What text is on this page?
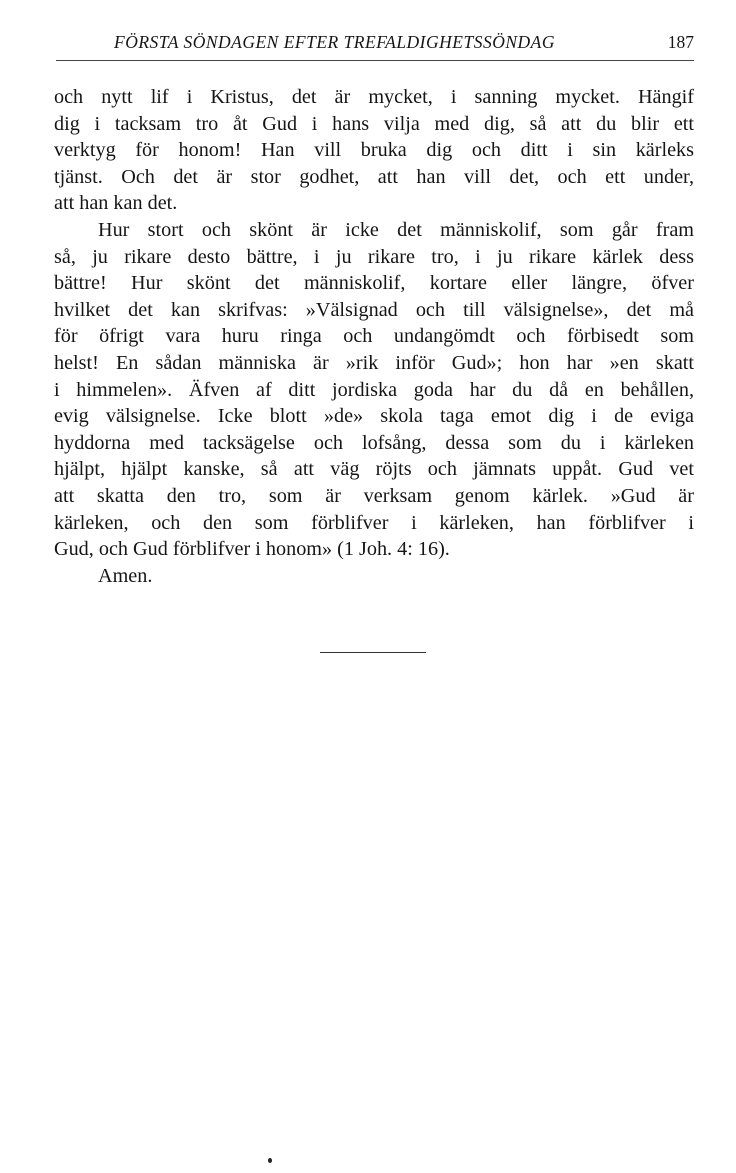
FÖRSTA SÖNDAGEN EFTER TREFALDIGHETSSÖNDAG	187
och nytt lif i Kristus, det är mycket, i sanning mycket. Hängif
dig i tacksam tro åt Gud i hans vilja med dig, så att du blir ett
verktyg för honom! Han vill bruka dig och ditt i sin kärleks
tjänst. Och det är stor godhet, att han vill det, och ett under,
att han kan det.
Hur stort och skönt är icke det människolif, som går fram
så, ju rikare desto bättre, i ju rikare tro, i ju rikare kärlek dess
bättre! Hur skönt det människolif, kortare eller längre, öfver
hvilket det kan skrifvas: »Välsignad och till välsignelse», det må
för öfrigt vara huru ringa och undangömdt och förbisedt som
helst! En sådan människa är »rik inför Gud»; hon har »en skatt
i himmelen». Äfven af ditt jordiska goda har du då en behållen,
evig välsignelse. Icke blott »de» skola taga emot dig i de eviga
hyddorna med tacksägelse och lofsång, dessa som du i kärleken
hjälpt, hjälpt kanske, så att väg röjts och jämnats uppåt. Gud vet
att skatta den tro, som är verksam genom kärlek. »Gud är
kärleken, och den som förblifver i kärleken, han förblifver i
Gud, och Gud förblifver i honom» (1 Joh. 4: 16).
Amen.
